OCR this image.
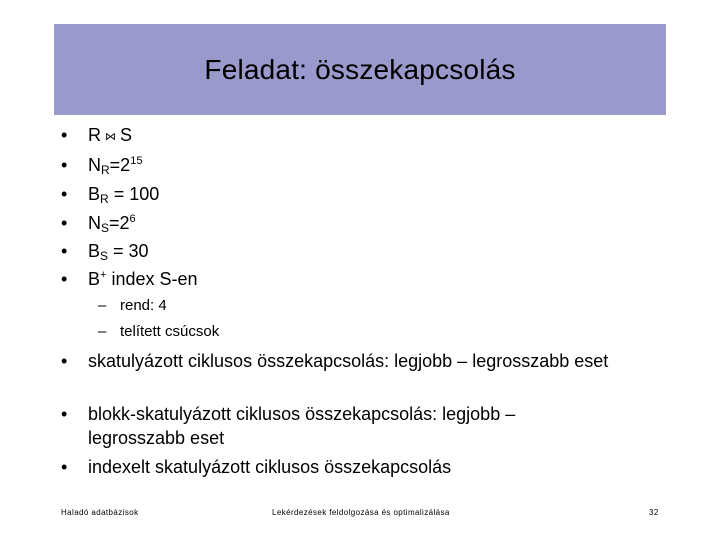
Feladat: összekapcsolás
• R ⋈ S
• $N_R=2^{15}$
• $B_R = 100$
• $N_S=2^6$
• $B_S = 30$
• B+ index S-en
– rend: 4
– telített csúcsok
• skatulyázott ciklusos összekapcsolás: legjobb – legrosszabb eset
• blokk-skatulyázott ciklusos összekapcsolás: legjobb – legrosszabb eset
• indexelt skatulyázott ciklusos összekapcsolás
Haladó adatbázisok	Lekérdezések feldolgozása és optimalizálása	32
